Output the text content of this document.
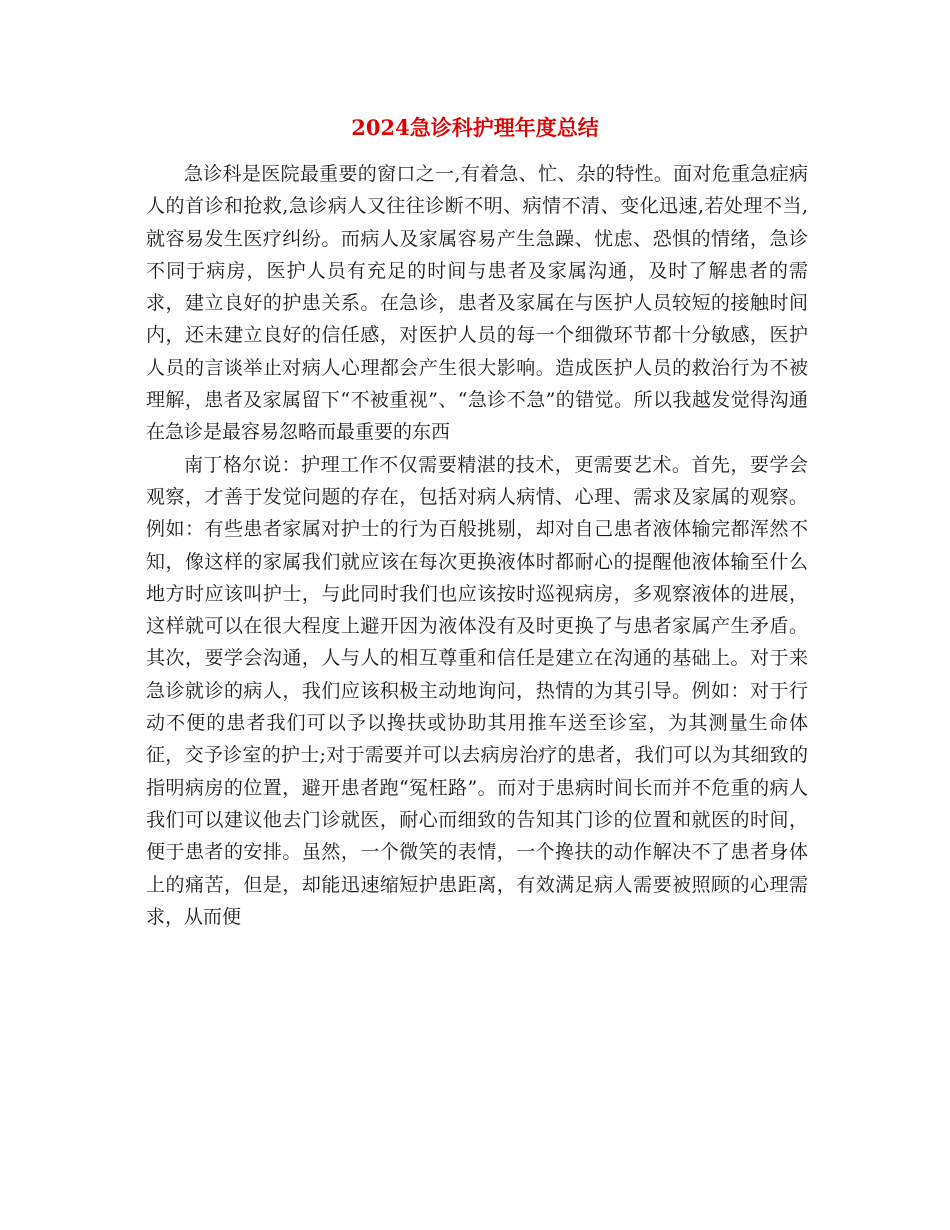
2024急诊科护理年度总结

急诊科是医院最重要的窗口之一,有着急、忙、杂的特性。面对危重急症病人的首诊和抢救,急诊病人又往往诊断不明、病情不清、变化迅速,若处理不当,就容易发生医疗纠纷。而病人及家属容易产生急躁、忧虑、恐惧的情绪，急诊不同于病房，医护人员有充足的时间与患者及家属沟通，及时了解患者的需求，建立良好的护患关系。在急诊，患者及家属在与医护人员较短的接触时间内，还未建立良好的信任感，对医护人员的每一个细微环节都十分敏感，医护人员的言谈举止对病人心理都会产生很大影响。造成医护人员的救治行为不被理解，患者及家属留下“不被重视”、“急诊不急”的错觉。所以我越发觉得沟通在急诊是最容易忽略而最重要的东西

南丁格尔说：护理工作不仅需要精湛的技术，更需要艺术。首先，要学会观察，才善于发觉问题的存在，包括对病人病情、心理、需求及家属的观察。例如：有些患者家属对护士的行为百般挑剔，却对自己患者液体输完都浑然不知，像这样的家属我们就应该在每次更换液体时都耐心的提醒他液体输至什么地方时应该叫护士，与此同时我们也应该按时巡视病房，多观察液体的进展，这样就可以在很大程度上避开因为液体没有及时更换了与患者家属产生矛盾。其次，要学会沟通，人与人的相互尊重和信任是建立在沟通的基础上。对于来急诊就诊的病人，我们应该积极主动地询问，热情的为其引导。例如：对于行动不便的患者我们可以予以搀扶或协助其用推车送至诊室，为其测量生命体征，交予诊室的护士;对于需要并可以去病房治疗的患者，我们可以为其细致的指明病房的位置，避开患者跑“冤枉路”。而对于患病时间长而并不危重的病人我们可以建议他去门诊就医，耐心而细致的告知其门诊的位置和就医的时间，便于患者的安排。虽然，一个微笑的表情，一个搀扶的动作解决不了患者身体上的痛苦，但是，却能迅速缩短护患距离，有效满足病人需要被照顾的心理需求，从而便
